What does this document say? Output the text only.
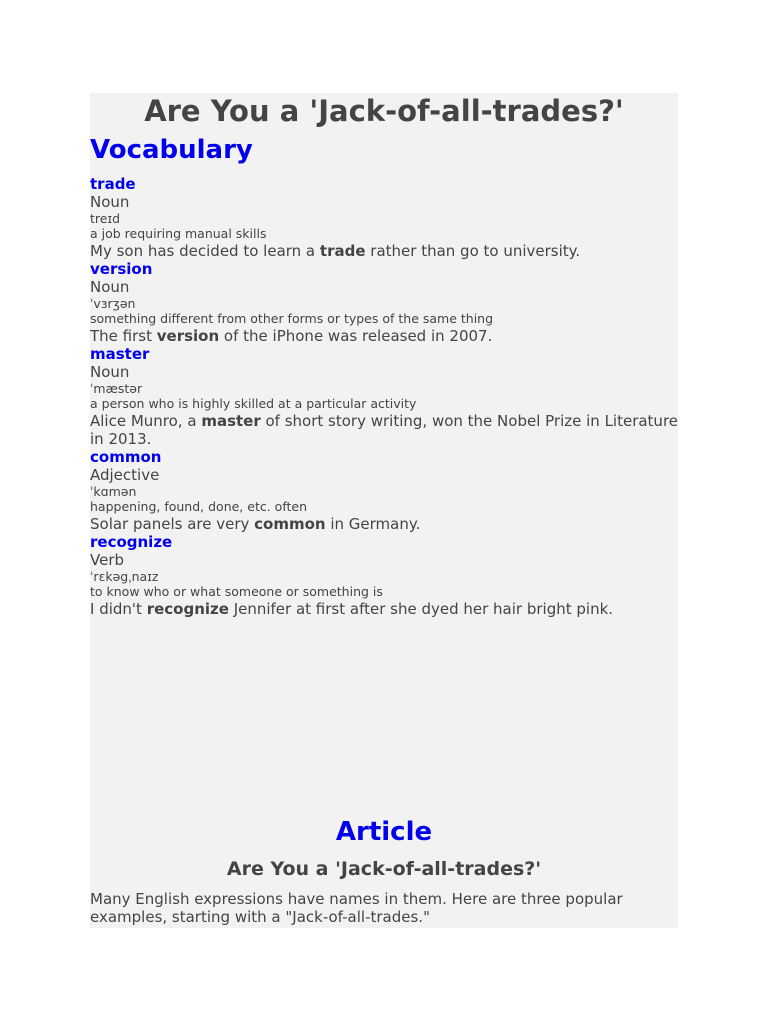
Are You a 'Jack-of-all-trades?'
Vocabulary
trade
Noun
treɪd
a job requiring manual skills
My son has decided to learn a trade rather than go to university.
version
Noun
ˈvɜrʒən
something different from other forms or types of the same thing
The first version of the iPhone was released in 2007.
master
Noun
ˈmæstər
a person who is highly skilled at a particular activity
Alice Munro, a master of short story writing, won the Nobel Prize in Literature in 2013.
common
Adjective
ˈkɑmən
happening, found, done, etc. often
Solar panels are very common in Germany.
recognize
Verb
ˈrɛkəgˌnaɪz
to know who or what someone or something is
I didn't recognize Jennifer at first after she dyed her hair bright pink.
Article
Are You a 'Jack-of-all-trades?'

Many English expressions have names in them. Here are three popular examples, starting with a "Jack-of-all-trades."
